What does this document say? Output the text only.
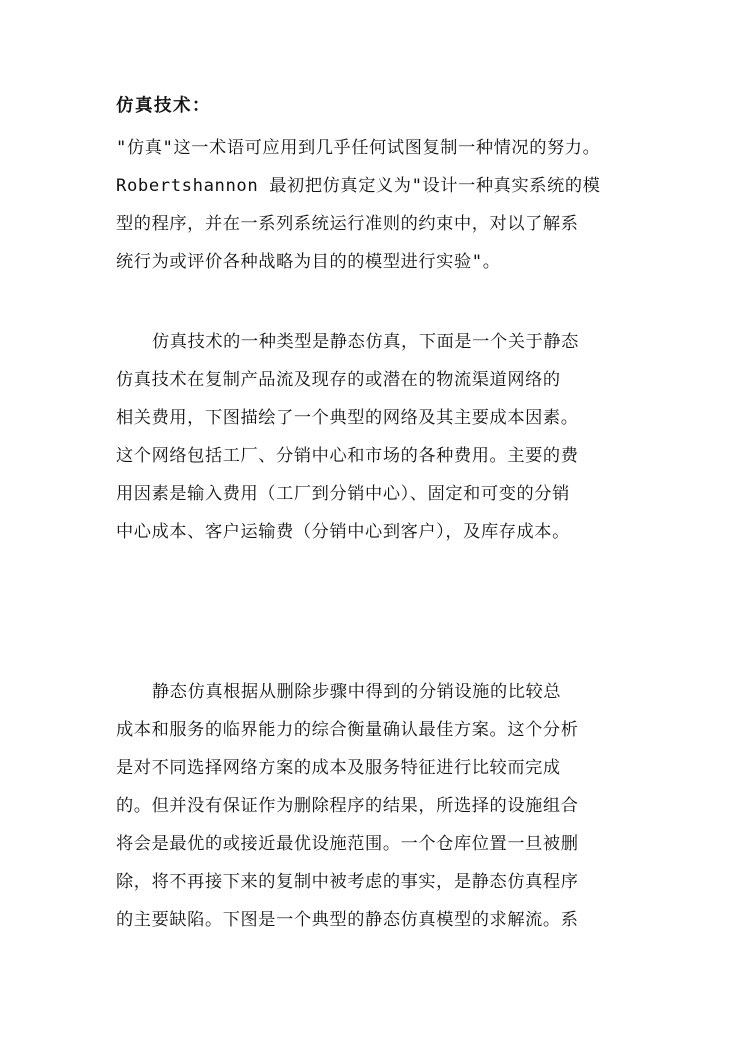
仿真技术：

"仿真"这一术语可应用到几乎任何试图复制一种情况的努力。

Robertshannon 最初把仿真定义为"设计一种真实系统的模

型的程序，并在一系列系统运行准则的约束中，对以了解系

统行为或评价各种战略为目的的模型进行实验"。

仿真技术的一种类型是静态仿真，下面是一个关于静态

仿真技术在复制产品流及现存的或潜在的物流渠道网络的

相关费用，下图描绘了一个典型的网络及其主要成本因素。

这个网络包括工厂、分销中心和市场的各种费用。主要的费

用因素是输入费用（工厂到分销中心）、固定和可变的分销

中心成本、客户运输费（分销中心到客户），及库存成本。

静态仿真根据从删除步骤中得到的分销设施的比较总

成本和服务的临界能力的综合衡量确认最佳方案。这个分析

是对不同选择网络方案的成本及服务特征进行比较而完成

的。但并没有保证作为删除程序的结果，所选择的设施组合

将会是最优的或接近最优设施范围。一个仓库位置一旦被删

除，将不再接下来的复制中被考虑的事实，是静态仿真程序

的主要缺陷。下图是一个典型的静态仿真模型的求解流。系
